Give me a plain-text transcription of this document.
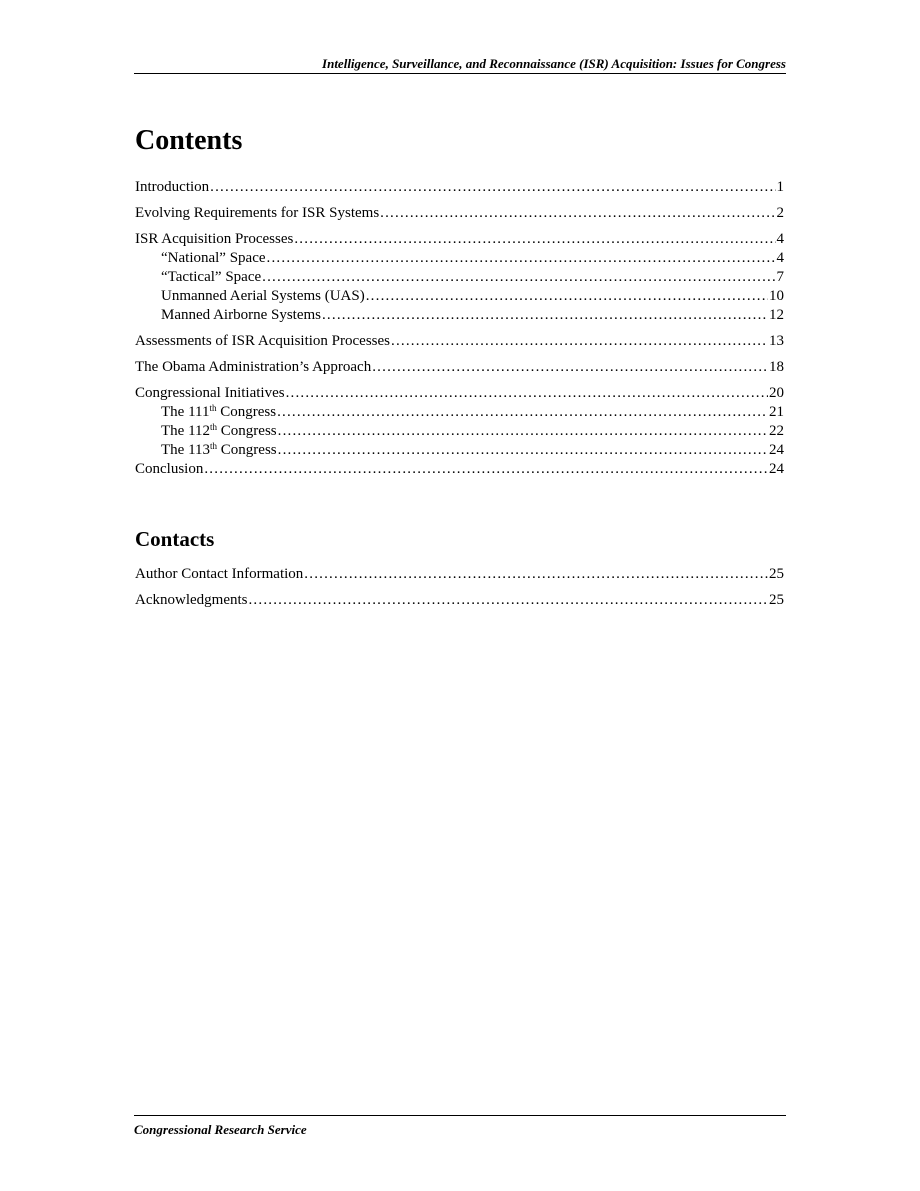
Intelligence, Surveillance, and Reconnaissance (ISR) Acquisition: Issues for Congress
Contents
Introduction .....	1
Evolving Requirements for ISR Systems .....	2
ISR Acquisition Processes .....	4
“National” Space .....	4
“Tactical” Space .....	7
Unmanned Aerial Systems (UAS) .....	10
Manned Airborne Systems .....	12
Assessments of ISR Acquisition Processes .....	13
The Obama Administration’s Approach .....	18
Congressional Initiatives .....	20
The 111th Congress .....	21
The 112th Congress .....	22
The 113th Congress .....	24
Conclusion .....	24
Contacts
Author Contact Information .....	25
Acknowledgments .....	25
Congressional Research Service
